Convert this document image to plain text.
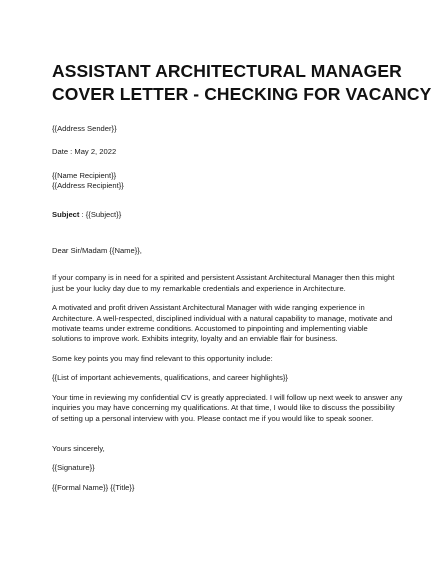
ASSISTANT ARCHITECTURAL MANAGER
COVER LETTER - CHECKING FOR VACANCY

{{Address Sender}}

Date : May 2, 2022

{{Name Recipient}}

{{Address Recipient}}

Subject : {{Subject}}

Dear Sir/Madam {{Name}},

If your company is in need for a spirited and persistent Assistant Architectural Manager then this might
just be your lucky day due to my remarkable credentials and experience in Architecture.

A motivated and profit driven Assistant Architectural Manager with wide ranging experience in
Architecture. A well-respected, disciplined individual with a natural capability to manage, motivate and
motivate teams under extreme conditions. Accustomed to pinpointing and implementing viable
solutions to improve work. Exhibits integrity, loyalty and an enviable flair for business.

Some key points you may find relevant to this opportunity include:

{{List of important achievements, qualifications, and career highlights}}

Your time in reviewing my confidential CV is greatly appreciated. I will follow up next week to answer any
inquiries you may have concerning my qualifications. At that time, I would like to discuss the possibility
of setting up a personal interview with you. Please contact me if you would like to speak sooner.

Yours sincerely,

{{Signature}}

{{Formal Name}} {{Title}}
